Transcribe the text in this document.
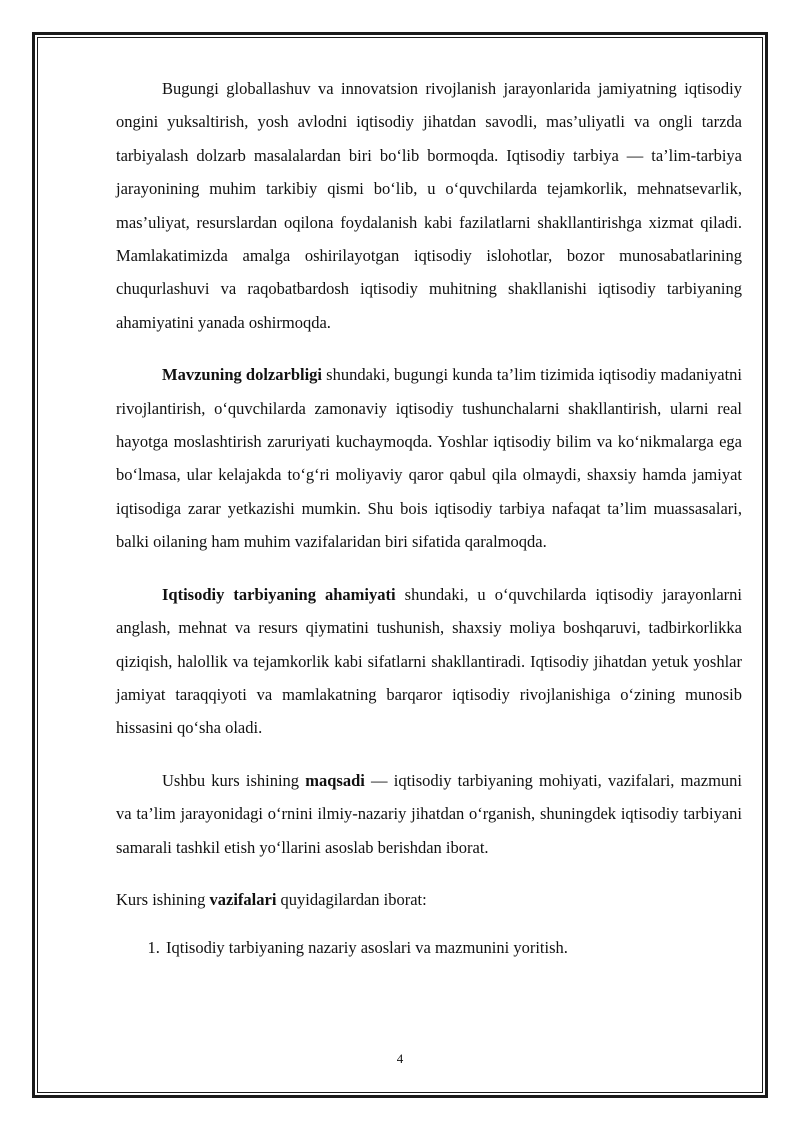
Bugungi globallashuv va innovatsion rivojlanish jarayonlarida jamiyatning iqtisodiy ongini yuksaltirish, yosh avlodni iqtisodiy jihatdan savodli, mas’uliyatli va ongli tarzda tarbiyalash dolzarb masalalardan biri bo‘lib bormoqda. Iqtisodiy tarbiya — ta’lim-tarbiya jarayonining muhim tarkibiy qismi bo‘lib, u o‘quvchilarda tejamkorlik, mehnatsevarlik, mas’uliyat, resurslardan oqilona foydalanish kabi fazilatlarni shakllantirishga xizmat qiladi. Mamlakatimizda amalga oshirilayotgan iqtisodiy islohotlar, bozor munosabatlarining chuqurlashuvi va raqobatbardosh iqtisodiy muhitning shakllanishi iqtisodiy tarbiyaning ahamiyatini yanada oshirmoqda.

Mavzuning dolzarbligi shundaki, bugungi kunda ta’lim tizimida iqtisodiy madaniyatni rivojlantirish, o‘quvchilarda zamonaviy iqtisodiy tushunchalarni shakllantirish, ularni real hayotga moslashtirish zaruriyati kuchaymoqda. Yoshlar iqtisodiy bilim va ko‘nikmalarga ega bo‘lmasa, ular kelajakda to‘g‘ri moliyaviy qaror qabul qila olmaydi, shaxsiy hamda jamiyat iqtisodiga zarar yetkazishi mumkin. Shu bois iqtisodiy tarbiya nafaqat ta’lim muassasalari, balki oilaning ham muhim vazifalaridan biri sifatida qaralmoqda.

Iqtisodiy tarbiyaning ahamiyati shundaki, u o‘quvchilarda iqtisodiy jarayonlarni anglash, mehnat va resurs qiymatini tushunish, shaxsiy moliya boshqaruvi, tadbirkorlikka qiziqish, halollik va tejamkorlik kabi sifatlarni shakllantiradi. Iqtisodiy jihatdan yetuk yoshlar jamiyat taraqqiyoti va mamlakatning barqaror iqtisodiy rivojlanishiga o‘zining munosib hissasini qo‘sha oladi.

Ushbu kurs ishining maqsadi — iqtisodiy tarbiyaning mohiyati, vazifalari, mazmuni va ta’lim jarayonidagi o‘rnini ilmiy-nazariy jihatdan o‘rganish, shuningdek iqtisodiy tarbiyani samarali tashkil etish yo‘llarini asoslab berishdan iborat.

Kurs ishining vazifalari quyidagilardan iborat:

1. Iqtisodiy tarbiyaning nazariy asoslari va mazmunini yoritish.
4
